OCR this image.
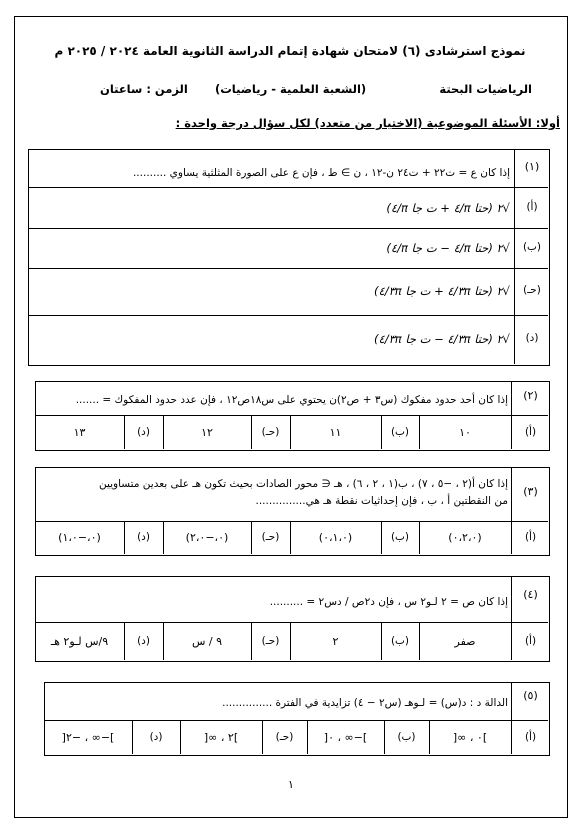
نموذج استرشادى (٦) لامتحان شهادة إتمام الدراسة الثانوية العامة ٢٠٢٤ / ٢٠٢٥ م
الرياضيات البحتة
(الشعبة العلمية - رياضيات)
الزمن : ساعتان
أولا: الأسئلة الموضوعية (الاختيار من متعدد) لكل سؤال درجة واحدة :
(١)
إذا كان ع = ت٢٢ + ت٢٤ ن-١٢ ، ن ∋ ط ، فإن ع على الصورة المثلثية يساوي ..........
(أ)
√٢ (حتا π/٤ + ت جا π/٤)
(ب)
√٢ (حتا π/٤ − ت جا π/٤)
(حـ)
√٢ (حتا ٣π/٤ + ت جا ٣π/٤)
(د)
√٢ (حتا ٣π/٤ − ت جا ٣π/٤)
(٢)
إذا كان أحد حدود مفكوك (س٣ + ص٢)ن يحتوي على س١٨ص١٢ ، فإن عدد حدود المفكوك = .......
(أ)
١٠
(ب)
١١
(حـ)
١٢
(د)
١٣
(٣)
إذا كان أ(٢ ، −٥ ، ٧) ، ب(١ ، ٢ ، ٦) ، هـ ∈ محور الصادات بحيث تكون هـ على بعدين متساويين من النقطتين أ ، ب ، فإن إحداثيات نقطة هـ هي...............
(أ)
(٠،٢،٠)
(ب)
(٠،١،٠)
(حـ)
(٠،−٢،٠)
(د)
(٠،−١،٠)
(٤)
إذا كان ص = ٢ لـو٢ س ، فإن د٢ص / دس٢ = ..........
(أ)
صفر
(ب)
٢
(حـ)
٩ / س
(د)
٩/س لـو٢ هـ
(٥)
الدالة د : د(س) = لـوهـ (س٢ − ٤) تزايدية في الفترة ...............
(أ)
]٠ ، ∞[
(ب)
]−∞ ، ٠[
(حـ)
]٢ ، ∞[
(د)
]−∞ ، −٢[
١
